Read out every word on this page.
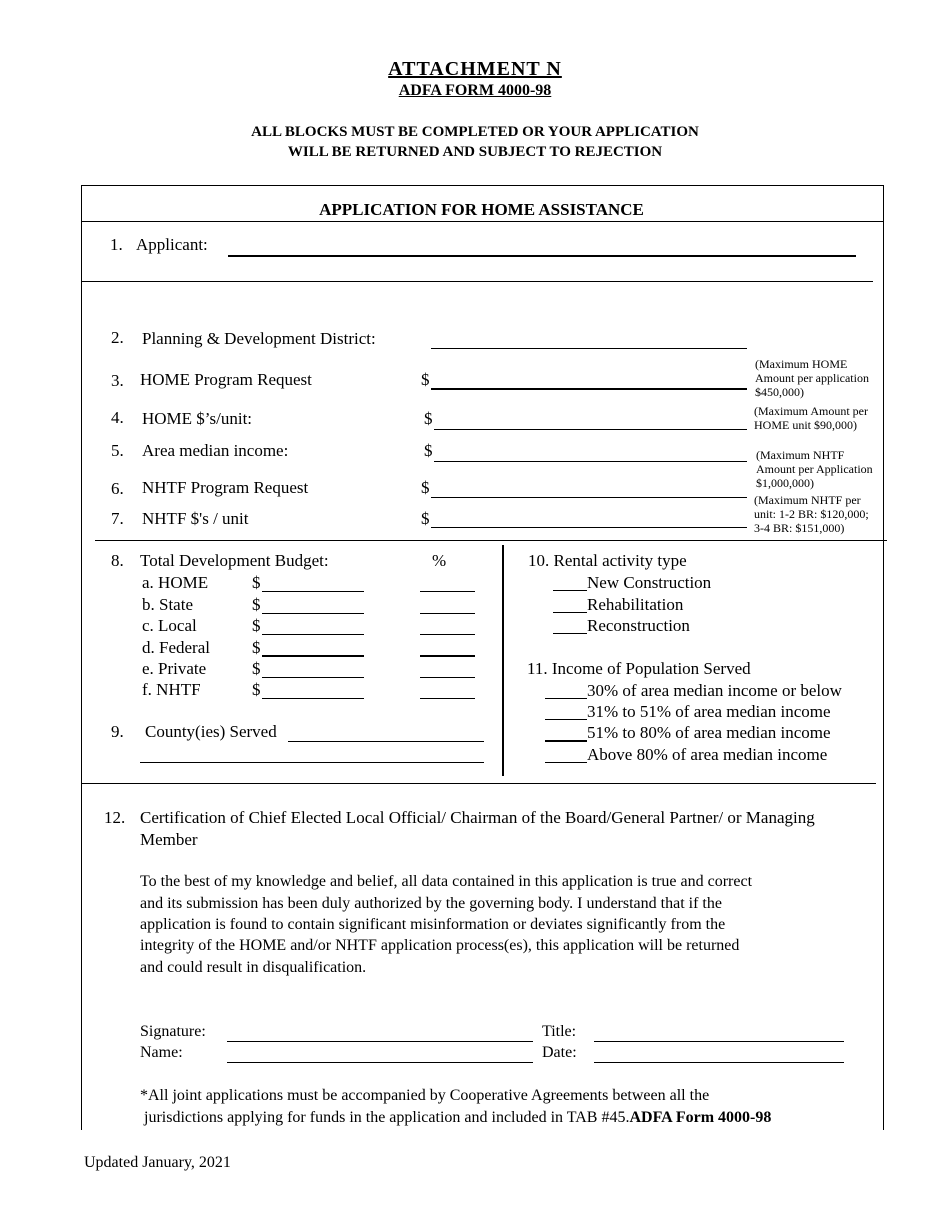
ATTACHMENT N
ADFA FORM 4000-98
ALL BLOCKS MUST BE COMPLETED OR YOUR APPLICATION
WILL BE RETURNED AND SUBJECT TO REJECTION
APPLICATION FOR HOME ASSISTANCE
1. Applicant:
2. Planning & Development District:
3. HOME Program Request	$
(Maximum HOME Amount per application $450,000)
4. HOME $’s/unit:	$	(Maximum Amount per HOME unit $90,000)
5. Area median income:	$	(Maximum NHTF Amount per Application $1,000,000)
6. NHTF Program Request	$
7. NHTF $'s / unit	$
(Maximum NHTF per unit: 1-2 BR: $120,000; 3-4 BR: $151,000)
8. Total Development Budget:	%
a. HOME	$
b. State	$
c. Local	$
d. Federal $
e. Private	$
f. NHTF	$
9. County(ies) Served
10. Rental activity type
New Construction
Rehabilitation
Reconstruction
11. Income of Population Served
30% of area median income or below
31% to 51% of area median income
51% to 80% of area median income
Above 80% of area median income
12. Certification of Chief Elected Local Official/ Chairman of the Board/General Partner/ or Managing
Member
To the best of my knowledge and belief, all data contained in this application is true and correct
and its submission has been duly authorized by the governing body. I understand that if the
application is found to contain significant misinformation or deviates significantly from the
integrity of the HOME and/or NHTF application process(es), this application will be returned
and could result in disqualification.
Signature:	Title:
Name:	Date:
*All joint applications must be accompanied by Cooperative Agreements between all the
jurisdictions applying for funds in the application and included in TAB #45.ADFA Form 4000-98
Updated January, 2021
